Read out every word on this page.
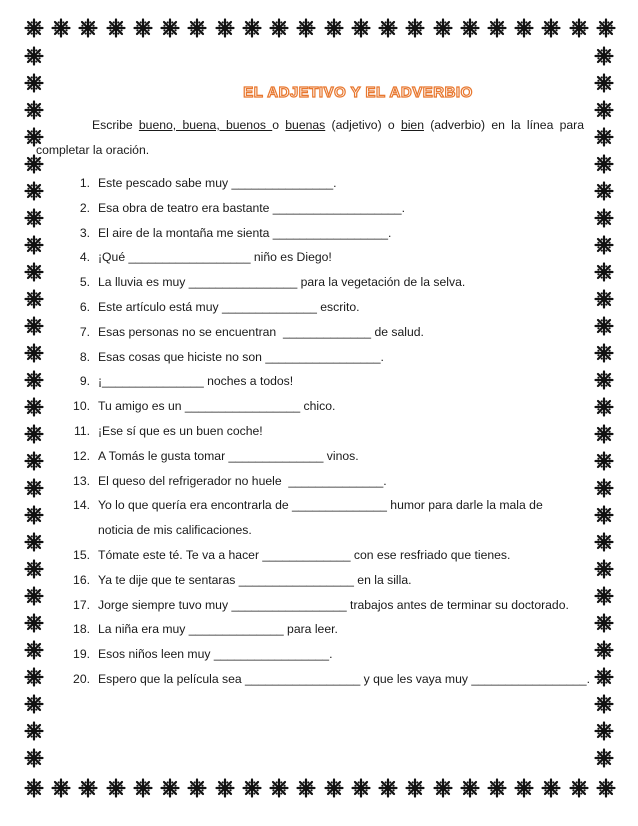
EL ADJETIVO Y EL ADVERBIO

Escribe bueno, buena, buenos o buenas (adjetivo) o bien (adverbio) en la línea para

completar la oración.

1. Este pescado sabe muy _______________.
2. Esa obra de teatro era bastante ___________________.
3. El aire de la montaña me sienta _________________.
4. ¡Qué __________________ niño es Diego!
5. La lluvia es muy ________________ para la vegetación de la selva.
6. Este artículo está muy ______________ escrito.
7. Esas personas no se encuentran  _____________ de salud.
8. Esas cosas que hiciste no son _________________.
9. ¡_______________ noches a todos!
10. Tu amigo es un _________________ chico.
11. ¡Ese sí que es un buen coche!
12. A Tomás le gusta tomar ______________ vinos.
13. El queso del refrigerador no huele  ______________.
14. Yo lo que quería era encontrarla de ______________ humor para darle la mala de
noticia de mis calificaciones.
15. Tómate este té. Te va a hacer _____________ con ese resfriado que tienes.
16. Ya te dije que te sentaras _________________ en la silla.
17. Jorge siempre tuvo muy _________________ trabajos antes de terminar su doctorado.
18. La niña era muy ______________ para leer.
19. Esos niños leen muy _________________.
20. Espero que la película sea _________________ y que les vaya muy _________________.
